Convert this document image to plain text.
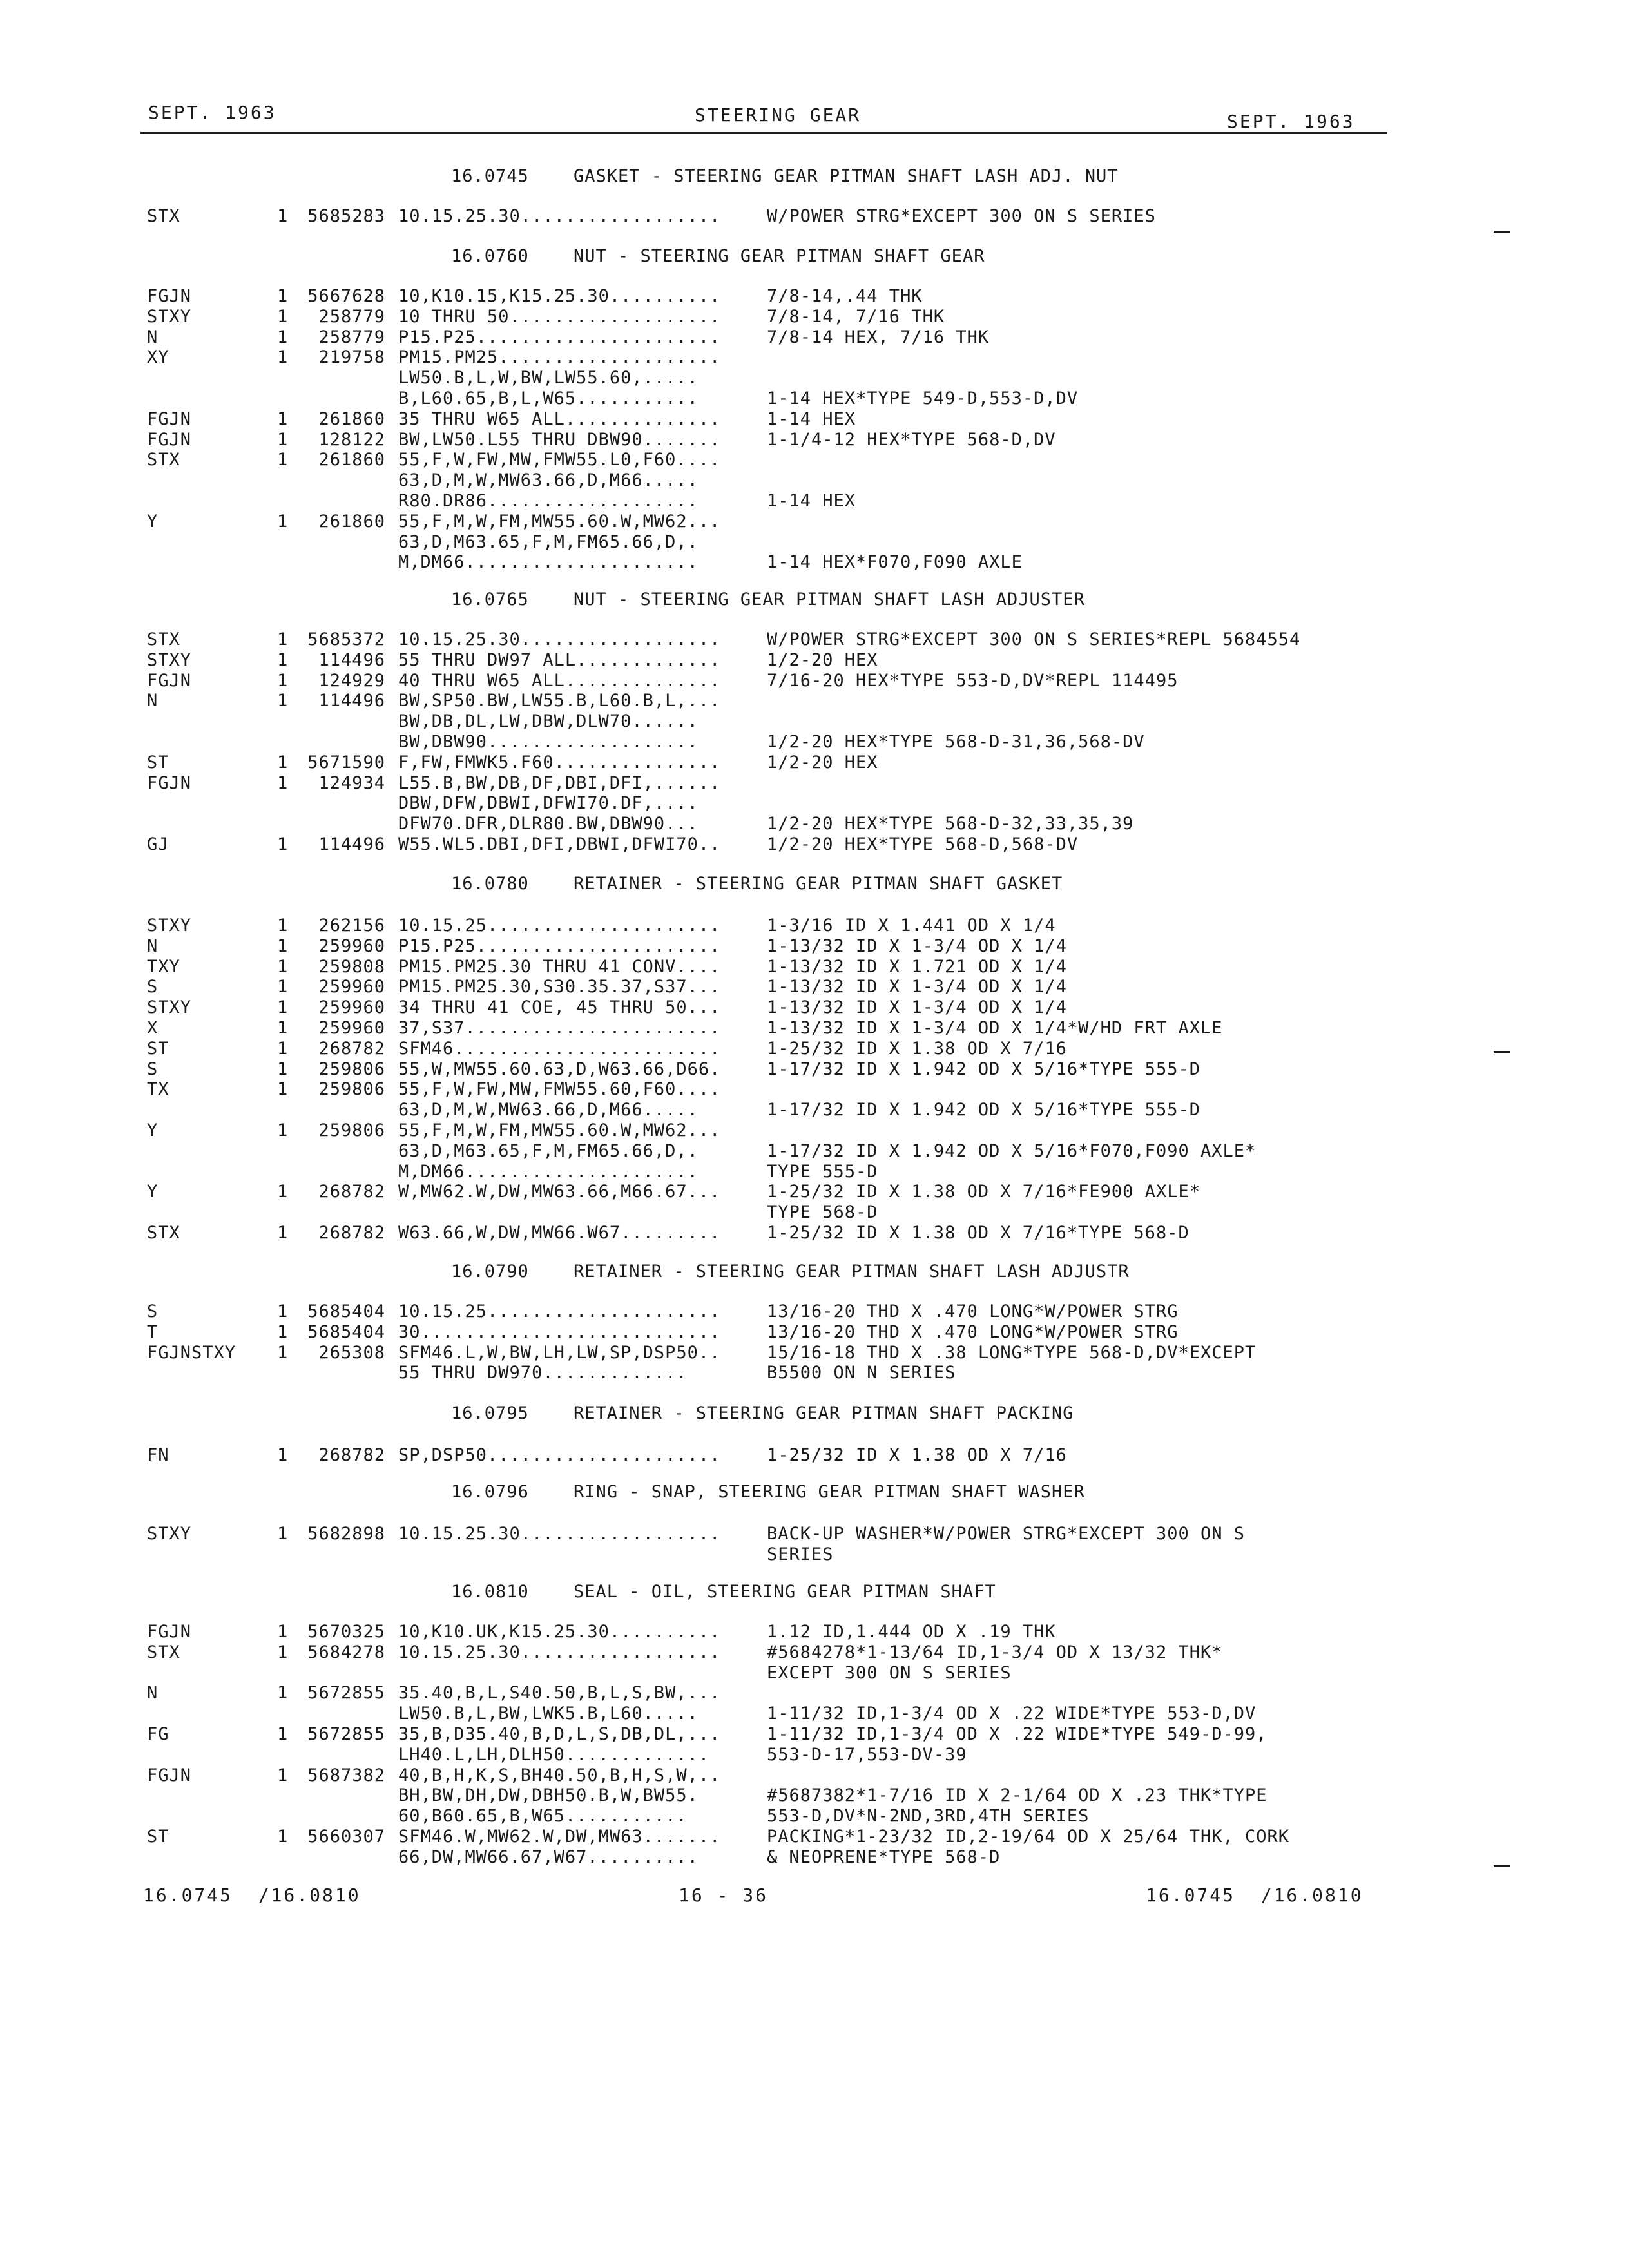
SEPT. 1963	STEERING GEAR	SEPT. 1963
16.0745	GASKET - STEERING GEAR PITMAN SHAFT LASH ADJ. NUT
STX	1	5685283 10.15.25.30..................	W/POWER STRG*EXCEPT 300 ON S SERIES
16.0760	NUT - STEERING GEAR PITMAN SHAFT GEAR
FGJN	1	5667628 10,K10.15,K15.25.30..........	7/8-14,.44 THK
STXY	1	258779 10 THRU 50...................	7/8-14, 7/16 THK
N	1	258779 P15.P25......................	7/8-14 HEX, 7/16 THK
XY	1	219758 PM15.PM25....................
LW50.B,L,W,BW,LW55.60,.....
B,L60.65,B,L,W65...........	1-14 HEX*TYPE 549-D,553-D,DV
FGJN	1	261860 35 THRU W65 ALL..............	1-14 HEX
FGJN	1	128122 BW,LW50.L55 THRU DBW90.......	1-1/4-12 HEX*TYPE 568-D,DV
STX	1	261860 55,F,W,FW,MW,FMW55.L0,F60....
63,D,M,W,MW63.66,D,M66.....
R80.DR86...................	1-14 HEX
Y	1	261860 55,F,M,W,FM,MW55.60.W,MW62...
63,D,M63.65,F,M,FM65.66,D,.
M,DM66.....................	1-14 HEX*F070,F090 AXLE
16.0765	NUT - STEERING GEAR PITMAN SHAFT LASH ADJUSTER
STX	1	5685372 10.15.25.30..................	W/POWER STRG*EXCEPT 300 ON S SERIES*REPL 5684554
STXY	1	114496 55 THRU DW97 ALL.............	1/2-20 HEX
FGJN	1	124929 40 THRU W65 ALL..............	7/16-20 HEX*TYPE 553-D,DV*REPL 114495
N	1	114496 BW,SP50.BW,LW55.B,L60.B,L,...
BW,DB,DL,LW,DBW,DLW70......
BW,DBW90...................	1/2-20 HEX*TYPE 568-D-31,36,568-DV
ST	1	5671590 F,FW,FMWK5.F60...............	1/2-20 HEX
FGJN	1	124934 L55.B,BW,DB,DF,DBI,DFI,......
DBW,DFW,DBWI,DFWI70.DF,....
DFW70.DFR,DLR80.BW,DBW90...	1/2-20 HEX*TYPE 568-D-32,33,35,39
GJ	1	114496 W55.WL5.DBI,DFI,DBWI,DFWI70..	1/2-20 HEX*TYPE 568-D,568-DV
16.0780	RETAINER - STEERING GEAR PITMAN SHAFT GASKET
STXY	1	262156 10.15.25.....................	1-3/16 ID X 1.441 OD X 1/4
N	1	259960 P15.P25......................	1-13/32 ID X 1-3/4 OD X 1/4
TXY	1	259808 PM15.PM25.30 THRU 41 CONV....	1-13/32 ID X 1.721 OD X 1/4
S	1	259960 PM15.PM25.30,S30.35.37,S37...	1-13/32 ID X 1-3/4 OD X 1/4
STXY	1	259960 34 THRU 41 COE, 45 THRU 50...	1-13/32 ID X 1-3/4 OD X 1/4
X	1	259960 37,S37.......................	1-13/32 ID X 1-3/4 OD X 1/4*W/HD FRT AXLE
ST	1	268782 SFM46........................	1-25/32 ID X 1.38 OD X 7/16
S	1	259806 55,W,MW55.60.63,D,W63.66,D66.	1-17/32 ID X 1.942 OD X 5/16*TYPE 555-D
TX	1	259806 55,F,W,FW,MW,FMW55.60,F60....
63,D,M,W,MW63.66,D,M66.....	1-17/32 ID X 1.942 OD X 5/16*TYPE 555-D
Y	1	259806 55,F,M,W,FM,MW55.60.W,MW62...
63,D,M63.65,F,M,FM65.66,D,.	1-17/32 ID X 1.942 OD X 5/16*F070,F090 AXLE*
M,DM66.....................	TYPE 555-D
Y	1	268782 W,MW62.W,DW,MW63.66,M66.67...	1-25/32 ID X 1.38 OD X 7/16*FE900 AXLE*
TYPE 568-D
STX	1	268782 W63.66,W,DW,MW66.W67.........	1-25/32 ID X 1.38 OD X 7/16*TYPE 568-D
16.0790	RETAINER - STEERING GEAR PITMAN SHAFT LASH ADJUSTR
S	1	5685404 10.15.25.....................	13/16-20 THD X .470 LONG*W/POWER STRG
T	1	5685404 30...........................	13/16-20 THD X .470 LONG*W/POWER STRG
FGJNSTXY 1	265308 SFM46.L,W,BW,LH,LW,SP,DSP50..	15/16-18 THD X .38 LONG*TYPE 568-D,DV*EXCEPT
55 THRU DW970.............	B5500 ON N SERIES
16.0795	RETAINER - STEERING GEAR PITMAN SHAFT PACKING
FN	1	268782 SP,DSP50.....................	1-25/32 ID X 1.38 OD X 7/16
16.0796	RING - SNAP, STEERING GEAR PITMAN SHAFT WASHER
STXY	1	5682898 10.15.25.30..................	BACK-UP WASHER*W/POWER STRG*EXCEPT 300 ON S
SERIES
16.0810	SEAL - OIL, STEERING GEAR PITMAN SHAFT
FGJN	1	5670325 10,K10.UK,K15.25.30..........	1.12 ID,1.444 OD X .19 THK
STX	1	5684278 10.15.25.30..................	#5684278*1-13/64 ID,1-3/4 OD X 13/32 THK*
EXCEPT 300 ON S SERIES
N	1	5672855 35.40,B,L,S40.50,B,L,S,BW,...
LW50.B,L,BW,LWK5.B,L60.....	1-11/32 ID,1-3/4 OD X .22 WIDE*TYPE 553-D,DV
FG	1	5672855 35,B,D35.40,B,D,L,S,DB,DL,...	1-11/32 ID,1-3/4 OD X .22 WIDE*TYPE 549-D-99,
LH40.L,LH,DLH50.............	553-D-17,553-DV-39
FGJN	1	5687382 40,B,H,K,S,BH40.50,B,H,S,W,..
BH,BW,DH,DW,DBH50.B,W,BW55.	#5687382*1-7/16 ID X 2-1/64 OD X .23 THK*TYPE
60,B60.65,B,W65...........	553-D,DV*N-2ND,3RD,4TH SERIES
ST	1	5660307 SFM46.W,MW62.W,DW,MW63.......	PACKING*1-23/32 ID,2-19/64 OD X 25/64 THK, CORK
66,DW,MW66.67,W67..........	& NEOPRENE*TYPE 568-D
16.0745  /16.0810	16 - 36	16.0745  /16.0810
